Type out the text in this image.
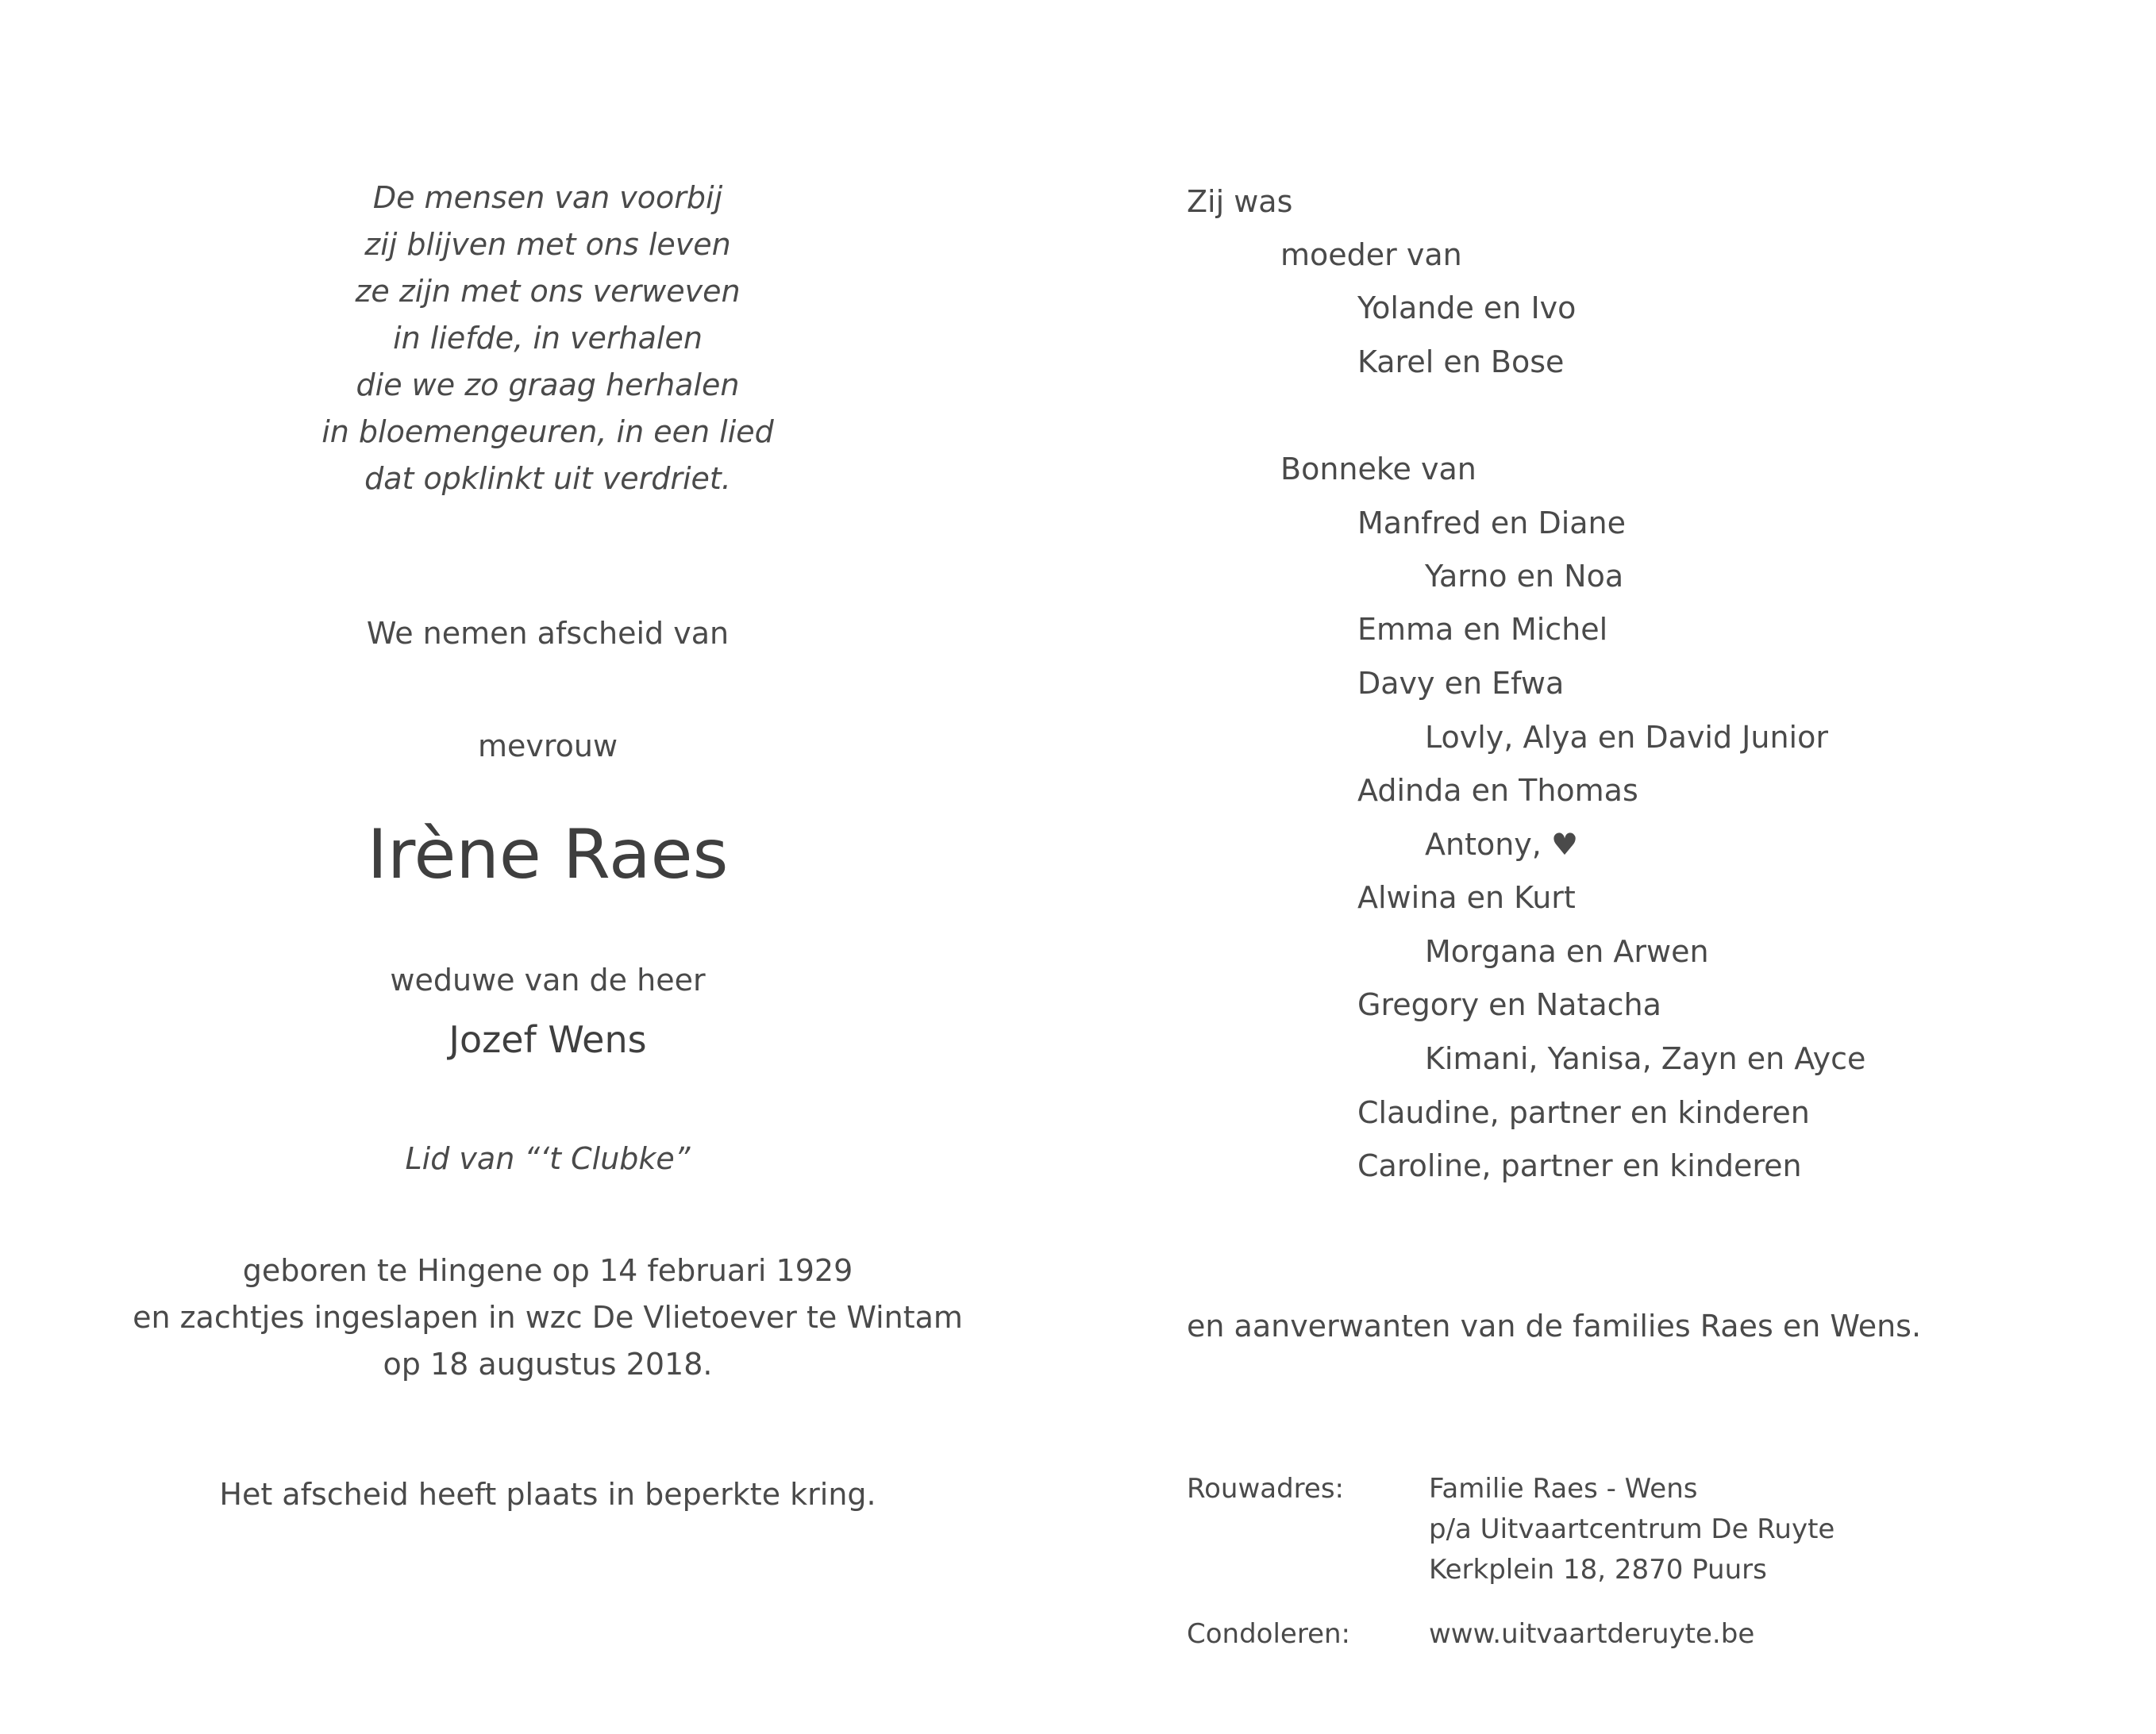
De mensen van voorbij
zij blijven met ons leven
ze zijn met ons verweven
in liefde, in verhalen
die we zo graag herhalen
in bloemengeuren, in een lied
dat opklinkt uit verdriet.
We nemen afscheid van
mevrouw
Irène Raes
weduwe van de heer
Jozef Wens
Lid van “‘t Clubke”
geboren te Hingene op 14 februari 1929
en zachtjes ingeslapen in wzc De Vlietoever te Wintam
op 18 augustus 2018.
Het afscheid heeft plaats in beperkte kring.
Zij was
moeder van
Yolande en Ivo
Karel en Bose
Bonneke van
Manfred en Diane
Yarno en Noa
Emma en Michel
Davy en Efwa
Lovly, Alya en David Junior
Adinda en Thomas
Antony, ♥
Alwina en Kurt
Morgana en Arwen
Gregory en Natacha
Kimani, Yanisa, Zayn en Ayce
Claudine, partner en kinderen
Caroline, partner en kinderen
en aanverwanten van de families Raes en Wens.
Rouwadres:	Familie Raes - Wens
p/a Uitvaartcentrum De Ruyte
Kerkplein 18, 2870 Puurs
Condoleren:	www.uitvaartderuyte.be
